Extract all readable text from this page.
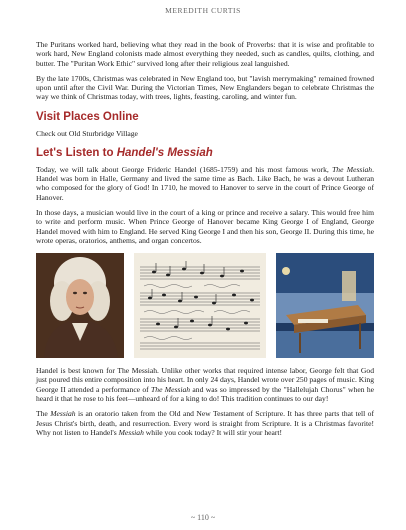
MEREDITH CURTIS

The Puritans worked hard, believing what they read in the book of Proverbs: that it is wise and profitable to work hard, New England colonists made almost everything they needed, such as candles, quilts, clothing, and butter. The "Puritan Work Ethic" survived long after their religious zeal languished.

By the late 1700s, Christmas was celebrated in New England too, but "lavish merrymaking" remained frowned upon until after the Civil War. During the Victorian Times, New Englanders began to celebrate Christmas the way we think of Christmas today, with trees, lights, feasting, caroling, and winter fun.

Visit Places Online
Check out Old Sturbridge Village
Let's Listen to Handel's Messiah

Today, we will talk about George Frideric Handel (1685-1759) and his most famous work, The Messiah. Handel was born in Halle, Germany and lived the same time as Bach. Like Bach, he was a devout Lutheran who composed for the glory of God! In 1710, he moved to Hanover to serve in the court of Prince George of Hanover.

In those days, a musician would live in the court of a king or prince and receive a salary. This would free him to write and perform music. When Prince George of Hanover became King George I of England, George Handel moved with him to England. He served King George I and then his son, George II. During this time, he wrote operas, oratorios, anthems, and organ concertos.

Handel is best known for The Messiah. Unlike other works that required intense labor, George felt that God just poured this entire composition into his heart. In only 24 days, Handel wrote over 250 pages of music. King George II attended a performance of The Messiah and was so impressed by the "Hallelujah Chorus" when he heard it that he rose to his feet—unheard of for a king to do! This tradition continues to our day!

The Messiah is an oratorio taken from the Old and New Testament of Scripture. It has three parts that tell of Jesus Christ's birth, death, and resurrection. Every word is straight from Scripture. It is a Christmas favorite! Why not listen to Handel's Messiah while you cook today? It will stir your heart!

~ 110 ~
